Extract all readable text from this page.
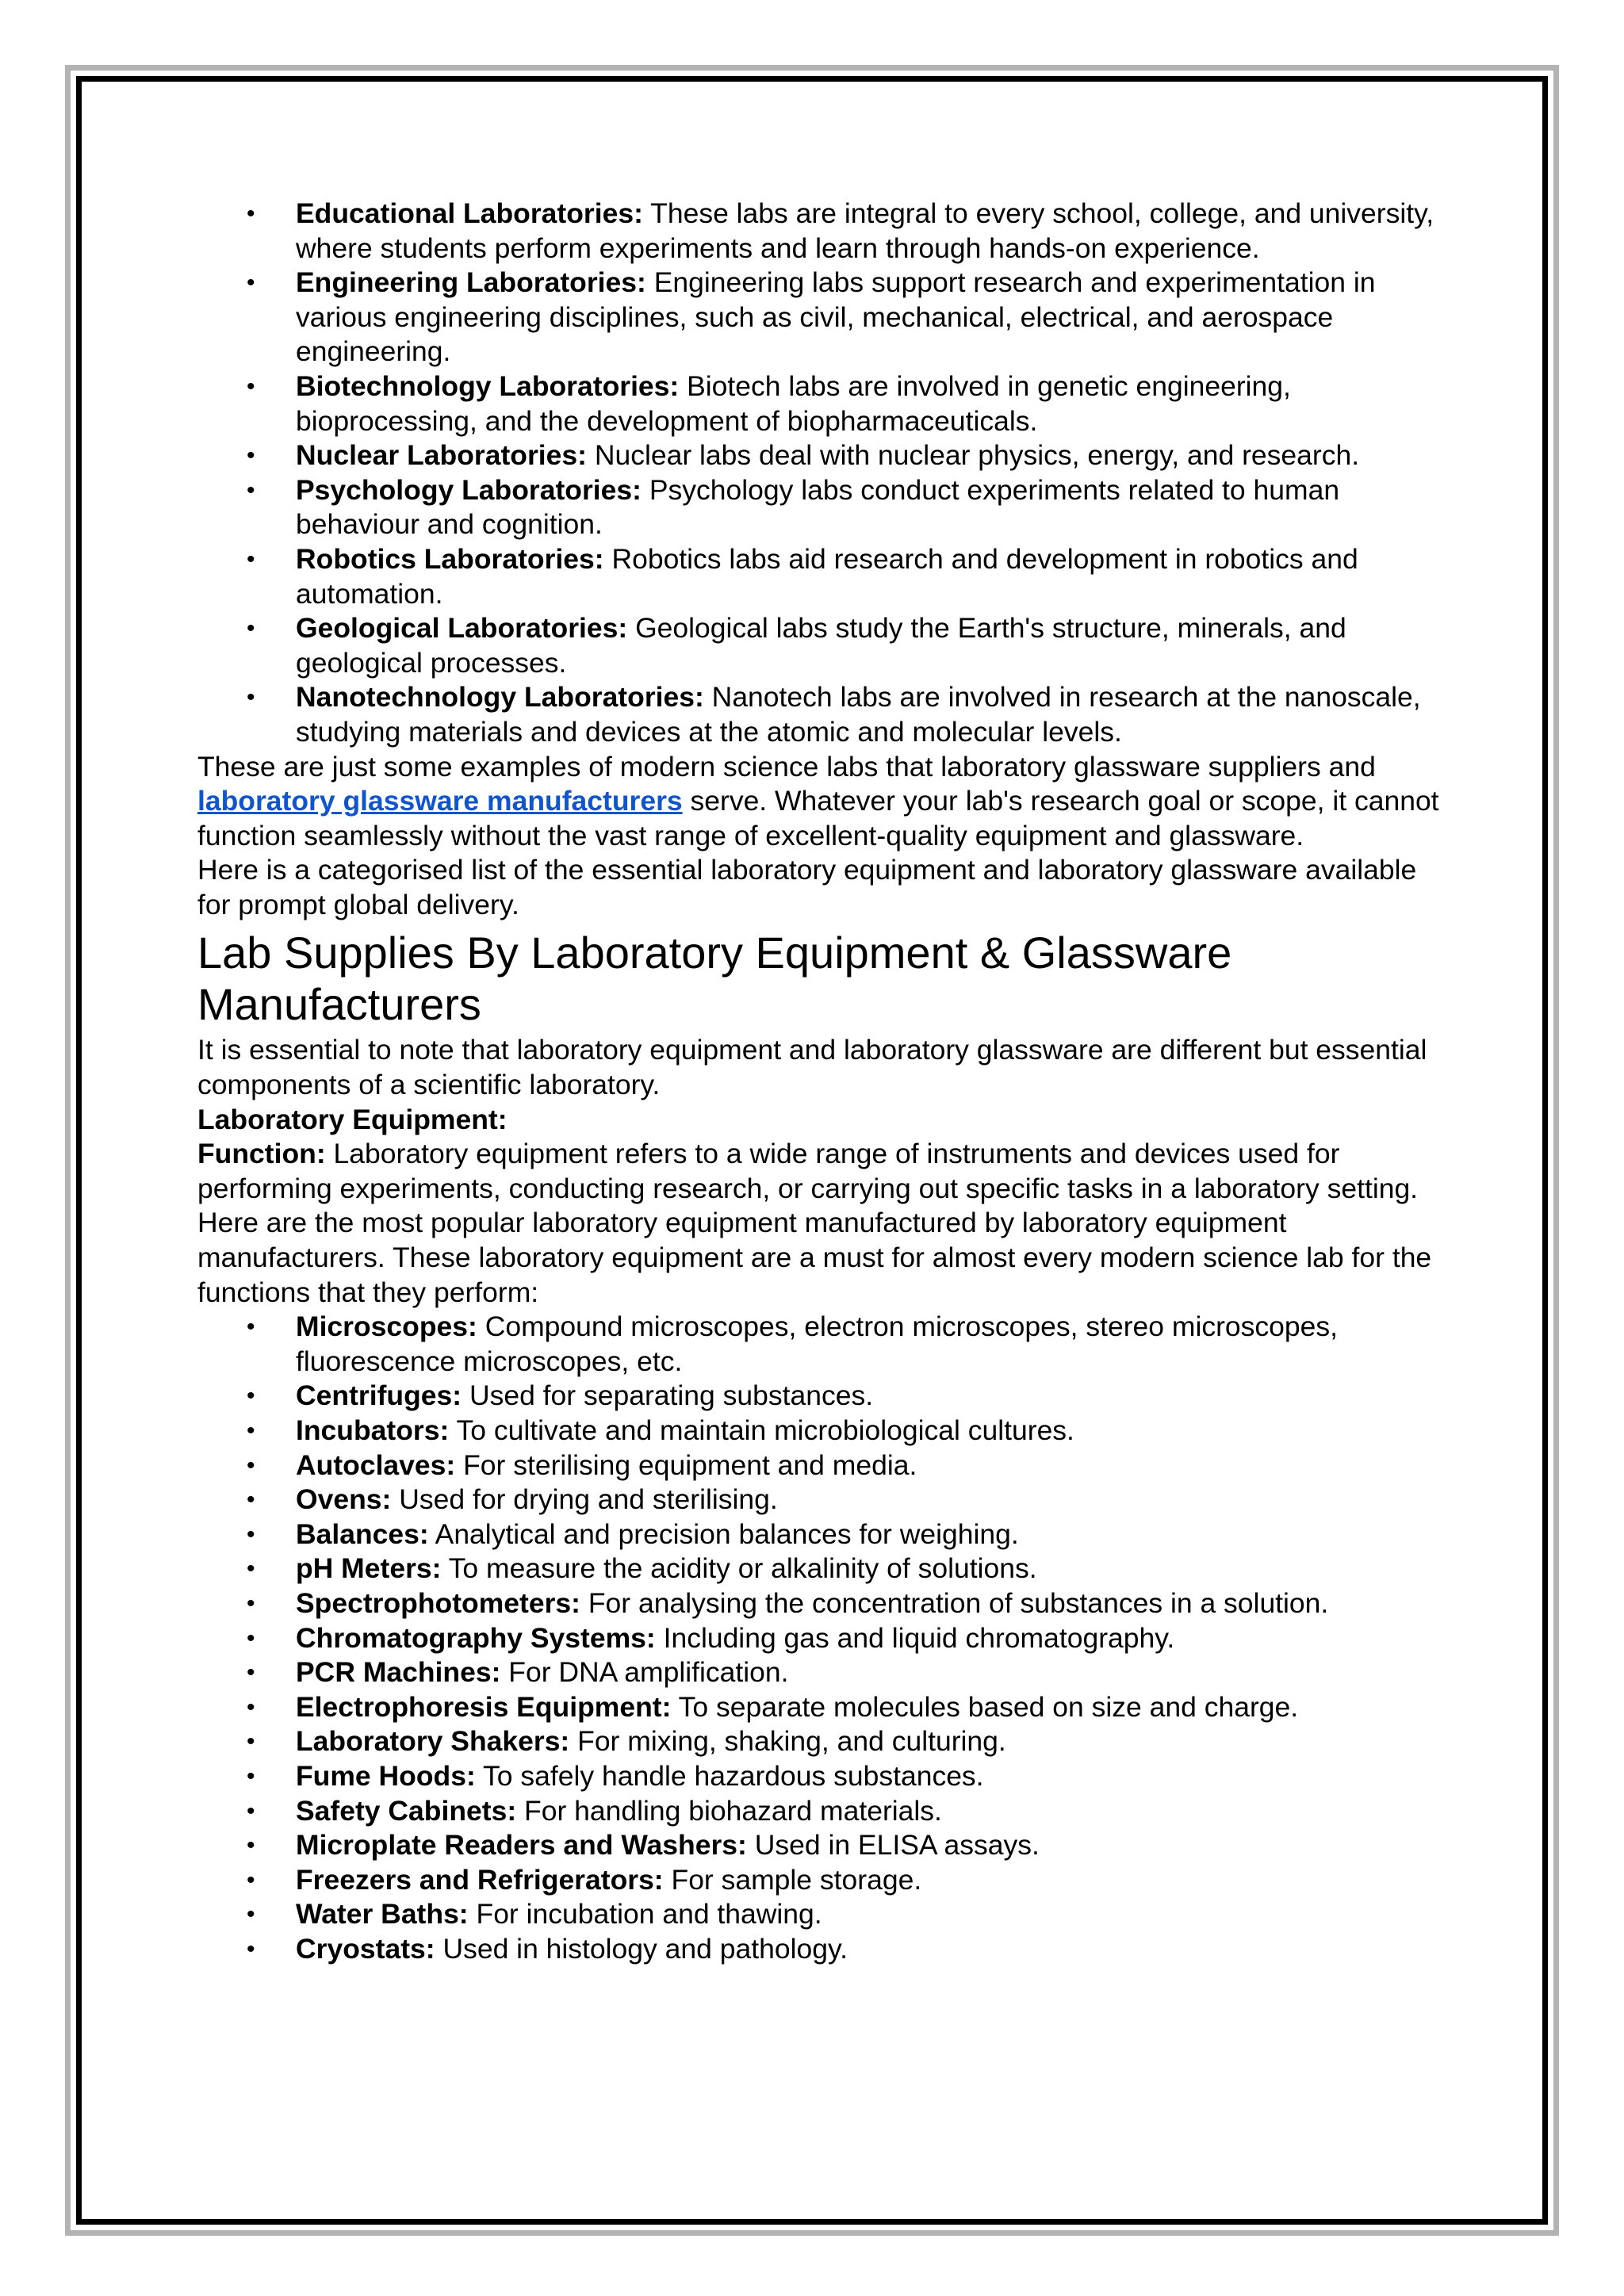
• Educational Laboratories: These labs are integral to every school, college, and university, where students perform experiments and learn through hands-on experience.
• Engineering Laboratories: Engineering labs support research and experimentation in various engineering disciplines, such as civil, mechanical, electrical, and aerospace engineering.
• Biotechnology Laboratories: Biotech labs are involved in genetic engineering, bioprocessing, and the development of biopharmaceuticals.
• Nuclear Laboratories: Nuclear labs deal with nuclear physics, energy, and research.
• Psychology Laboratories: Psychology labs conduct experiments related to human behaviour and cognition.
• Robotics Laboratories: Robotics labs aid research and development in robotics and automation.
• Geological Laboratories: Geological labs study the Earth's structure, minerals, and geological processes.
• Nanotechnology Laboratories: Nanotech labs are involved in research at the nanoscale, studying materials and devices at the atomic and molecular levels.

These are just some examples of modern science labs that laboratory glassware suppliers and laboratory glassware manufacturers serve. Whatever your lab's research goal or scope, it cannot function seamlessly without the vast range of excellent-quality equipment and glassware.

Here is a categorised list of the essential laboratory equipment and laboratory glassware available for prompt global delivery.

Lab Supplies By Laboratory Equipment & Glassware Manufacturers

It is essential to note that laboratory equipment and laboratory glassware are different but essential components of a scientific laboratory.

Laboratory Equipment:

Function: Laboratory equipment refers to a wide range of instruments and devices used for performing experiments, conducting research, or carrying out specific tasks in a laboratory setting.

Here are the most popular laboratory equipment manufactured by laboratory equipment manufacturers. These laboratory equipment are a must for almost every modern science lab for the functions that they perform:

• Microscopes: Compound microscopes, electron microscopes, stereo microscopes, fluorescence microscopes, etc.
• Centrifuges: Used for separating substances.
• Incubators: To cultivate and maintain microbiological cultures.
• Autoclaves: For sterilising equipment and media.
• Ovens: Used for drying and sterilising.
• Balances: Analytical and precision balances for weighing.
• pH Meters: To measure the acidity or alkalinity of solutions.
• Spectrophotometers: For analysing the concentration of substances in a solution.
• Chromatography Systems: Including gas and liquid chromatography.
• PCR Machines: For DNA amplification.
• Electrophoresis Equipment: To separate molecules based on size and charge.
• Laboratory Shakers: For mixing, shaking, and culturing.
• Fume Hoods: To safely handle hazardous substances.
• Safety Cabinets: For handling biohazard materials.
• Microplate Readers and Washers: Used in ELISA assays.
• Freezers and Refrigerators: For sample storage.
• Water Baths: For incubation and thawing.
• Cryostats: Used in histology and pathology.
